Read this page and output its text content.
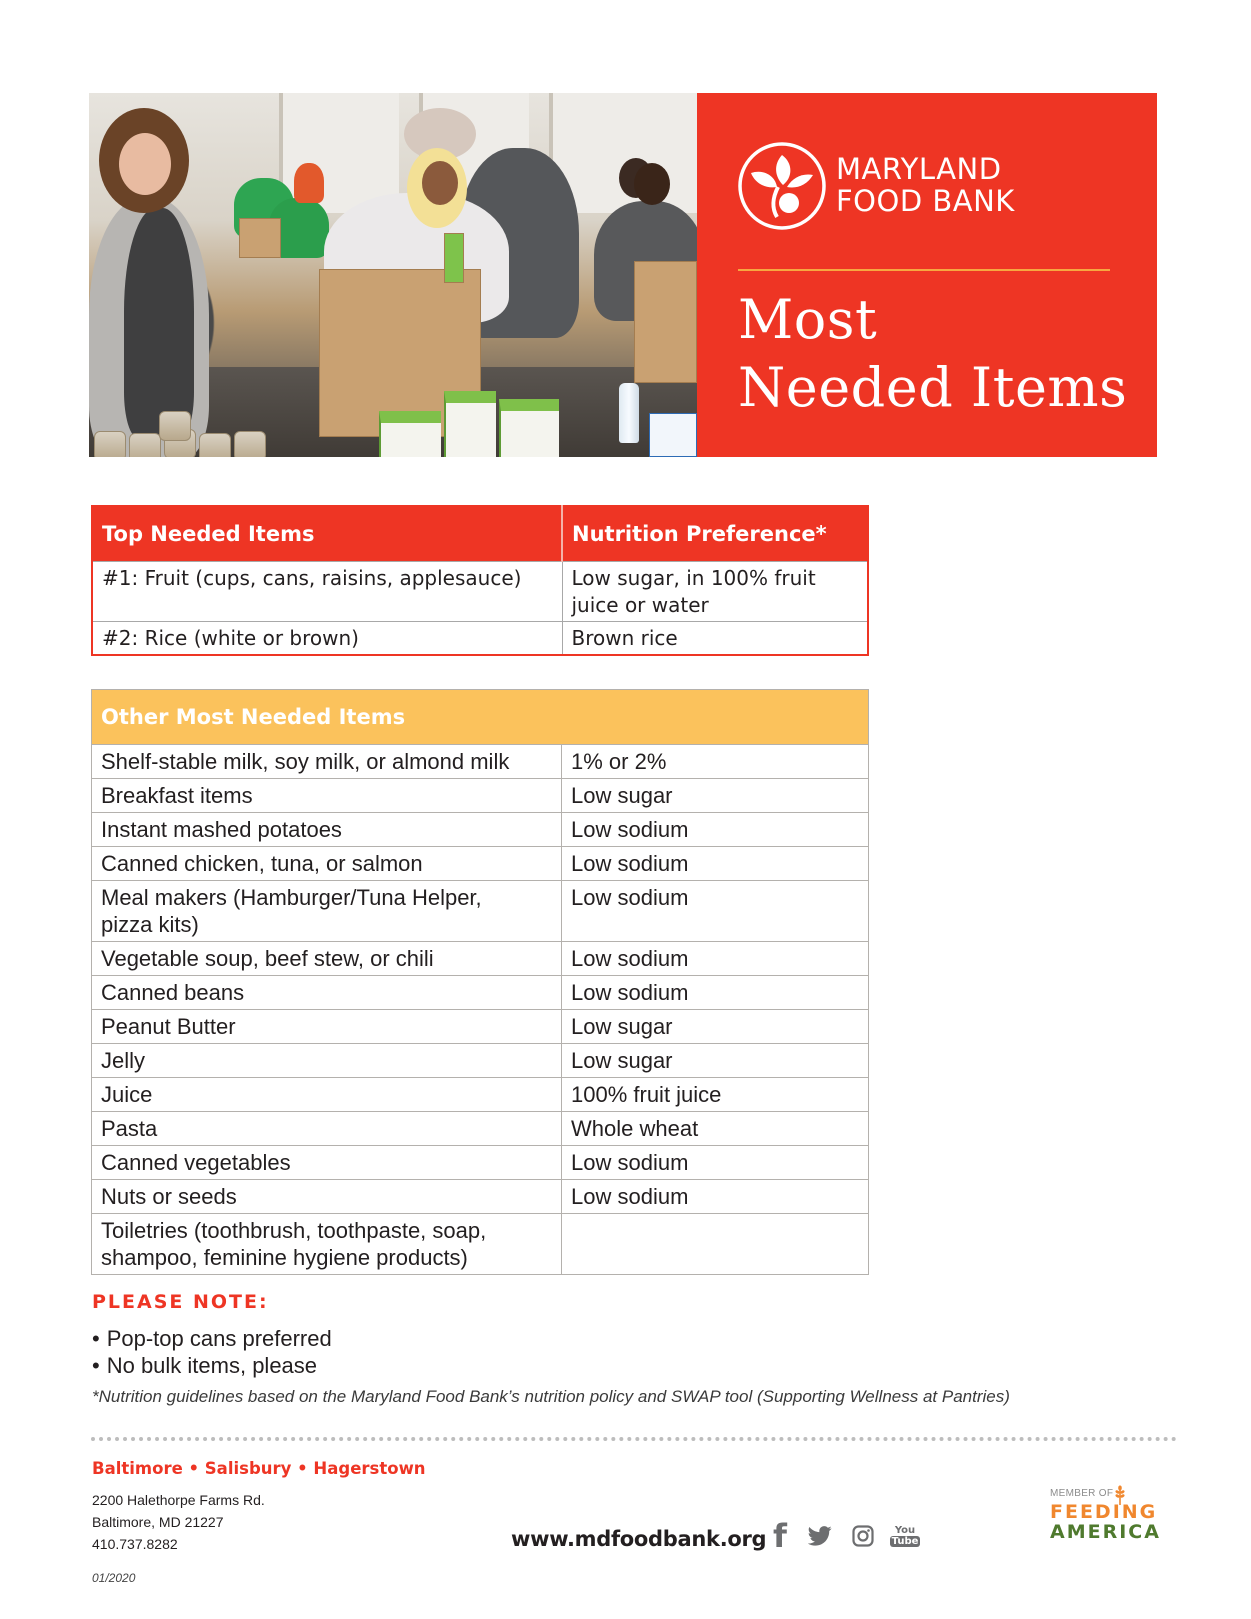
MARYLAND
FOOD BANK
Most
Needed Items
Top Needed Items	Nutrition Preference*
#1: Fruit (cups, cans, raisins, applesauce)	Low sugar, in 100% fruit juice or water
#2: Rice (white or brown)	Brown rice
Other Most Needed Items	
Shelf-stable milk, soy milk, or almond milk	1% or 2%
Breakfast items	Low sugar
Instant mashed potatoes	Low sodium
Canned chicken, tuna, or salmon	Low sodium
Meal makers (Hamburger/Tuna Helper, pizza kits)	Low sodium
Vegetable soup, beef stew, or chili	Low sodium
Canned beans	Low sodium
Peanut Butter	Low sugar
Jelly	Low sugar
Juice	100% fruit juice
Pasta	Whole wheat
Canned vegetables	Low sodium
Nuts or seeds	Low sodium
Toiletries (toothbrush, toothpaste, soap, shampoo, feminine hygiene products)	
PLEASE NOTE:
• Pop-top cans preferred
• No bulk items, please
*Nutrition guidelines based on the Maryland Food Bank’s nutrition policy and SWAP tool (Supporting Wellness at Pantries)
Baltimore • Salisbury • Hagerstown
2200 Halethorpe Farms Rd.
Baltimore, MD 21227
410.737.8282
01/2020
www.mdfoodbank.org f	You
Tube
MEMBER OF
FEEDING
AMERICA
